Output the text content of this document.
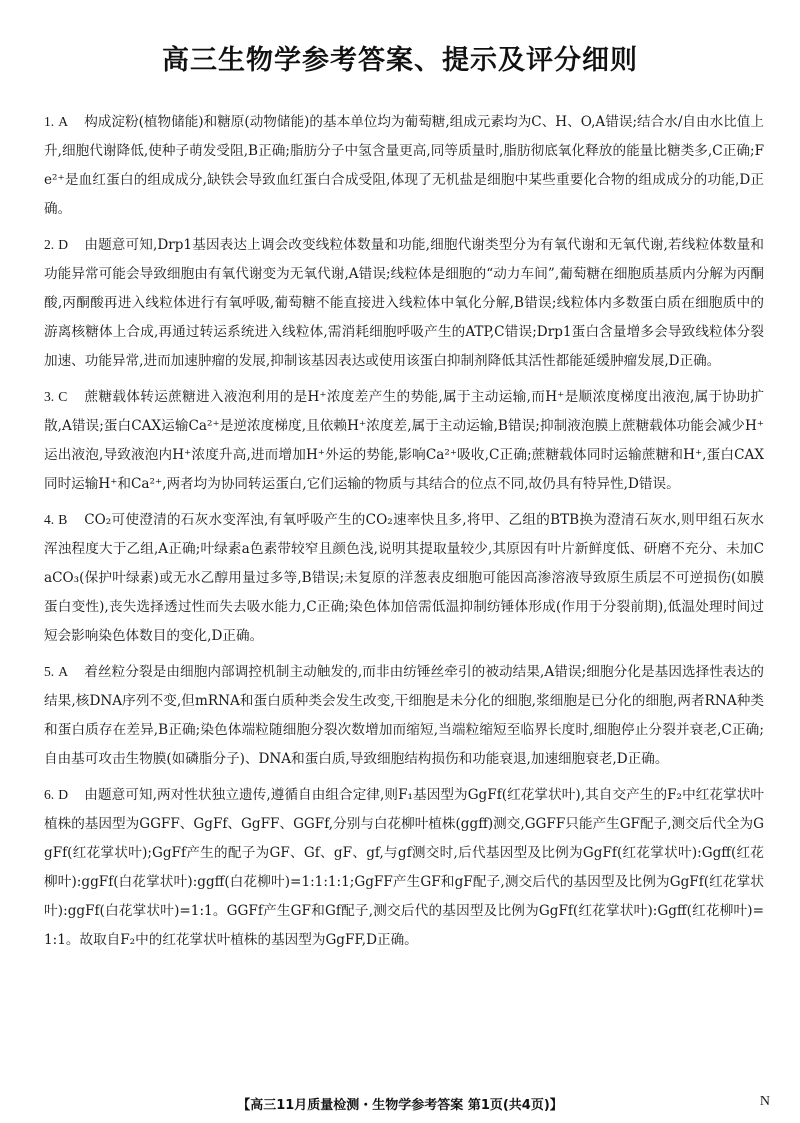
高三生物学参考答案、提示及评分细则

1. A 构成淀粉(植物储能)和糖原(动物储能)的基本单位均为葡萄糖,组成元素均为C、H、O,A错误;结合水/自由水比值上升,细胞代谢降低,使种子萌发受阻,B正确;脂肪分子中氢含量更高,同等质量时,脂肪彻底氧化释放的能量比糖类多,C正确;Fe²⁺是血红蛋白的组成成分,缺铁会导致血红蛋白合成受阻,体现了无机盐是细胞中某些重要化合物的组成成分的功能,D正确。

2. D 由题意可知,Drp1基因表达上调会改变线粒体数量和功能,细胞代谢类型分为有氧代谢和无氧代谢,若线粒体数量和功能异常可能会导致细胞由有氧代谢变为无氧代谢,A错误;线粒体是细胞的“动力车间”,葡萄糖在细胞质基质内分解为丙酮酸,丙酮酸再进入线粒体进行有氧呼吸,葡萄糖不能直接进入线粒体中氧化分解,B错误;线粒体内多数蛋白质在细胞质中的游离核糖体上合成,再通过转运系统进入线粒体,需消耗细胞呼吸产生的ATP,C错误;Drp1蛋白含量增多会导致线粒体分裂加速、功能异常,进而加速肿瘤的发展,抑制该基因表达或使用该蛋白抑制剂降低其活性都能延缓肿瘤发展,D正确。

3. C 蔗糖载体转运蔗糖进入液泡利用的是H⁺浓度差产生的势能,属于主动运输,而H⁺是顺浓度梯度出液泡,属于协助扩散,A错误;蛋白CAX运输Ca²⁺是逆浓度梯度,且依赖H⁺浓度差,属于主动运输,B错误;抑制液泡膜上蔗糖载体功能会减少H⁺运出液泡,导致液泡内H⁺浓度升高,进而增加H⁺外运的势能,影响Ca²⁺吸收,C正确;蔗糖载体同时运输蔗糖和H⁺,蛋白CAX同时运输H⁺和Ca²⁺,两者均为协同转运蛋白,它们运输的物质与其结合的位点不同,故仍具有特异性,D错误。

4. B CO₂可使澄清的石灰水变浑浊,有氧呼吸产生的CO₂速率快且多,将甲、乙组的BTB换为澄清石灰水,则甲组石灰水浑浊程度大于乙组,A正确;叶绿素a色素带较窄且颜色浅,说明其提取量较少,其原因有叶片新鲜度低、研磨不充分、未加CaCO₃(保护叶绿素)或无水乙醇用量过多等,B错误;未复原的洋葱表皮细胞可能因高渗溶液导致原生质层不可逆损伤(如膜蛋白变性),丧失选择透过性而失去吸水能力,C正确;染色体加倍需低温抑制纺锤体形成(作用于分裂前期),低温处理时间过短会影响染色体数目的变化,D正确。

5. A 着丝粒分裂是由细胞内部调控机制主动触发的,而非由纺锤丝牵引的被动结果,A错误;细胞分化是基因选择性表达的结果,核DNA序列不变,但mRNA和蛋白质种类会发生改变,干细胞是未分化的细胞,浆细胞是已分化的细胞,两者RNA种类和蛋白质存在差异,B正确;染色体端粒随细胞分裂次数增加而缩短,当端粒缩短至临界长度时,细胞停止分裂并衰老,C正确;自由基可攻击生物膜(如磷脂分子)、DNA和蛋白质,导致细胞结构损伤和功能衰退,加速细胞衰老,D正确。

6. D 由题意可知,两对性状独立遗传,遵循自由组合定律,则F₁基因型为GgFf(红花掌状叶),其自交产生的F₂中红花掌状叶植株的基因型为GGFF、GgFf、GgFF、GGFf,分别与白花柳叶植株(ggff)测交,GGFF只能产生GF配子,测交后代全为GgFf(红花掌状叶);GgFf产生的配子为GF、Gf、gF、gf,与gf测交时,后代基因型及比例为GgFf(红花掌状叶):Ggff(红花柳叶):ggFf(白花掌状叶):ggff(白花柳叶)=1:1:1:1;GgFF产生GF和gF配子,测交后代的基因型及比例为GgFf(红花掌状叶):ggFf(白花掌状叶)=1:1。GGFf产生GF和Gf配子,测交后代的基因型及比例为GgFf(红花掌状叶):Ggff(红花柳叶)=1:1。故取自F₂中的红花掌状叶植株的基因型为GgFF,D正确。

【高三11月质量检测・生物学参考答案 第1页(共4页)】	N
